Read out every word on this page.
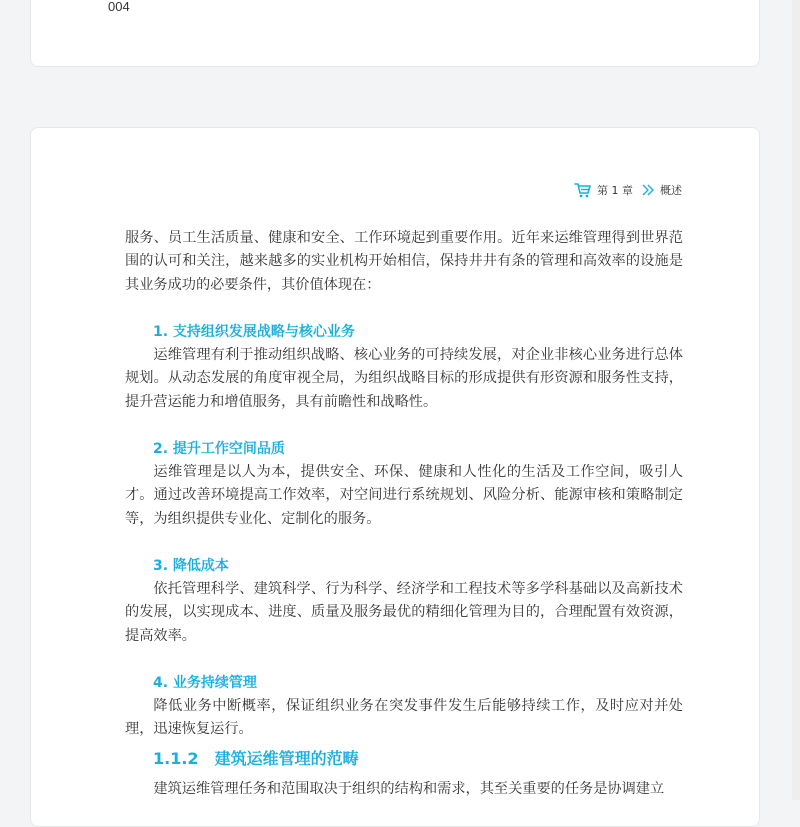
004
第 1 章 概述

服务、员工生活质量、健康和安全、工作环境起到重要作用。近年来运维管理得到世界范围的认可和关注，越来越多的实业机构开始相信，保持井井有条的管理和高效率的设施是其业务成功的必要条件，其价值体现在：

1. 支持组织发展战略与核心业务

运维管理有利于推动组织战略、核心业务的可持续发展，对企业非核心业务进行总体规划。从动态发展的角度审视全局，为组织战略目标的形成提供有形资源和服务性支持，提升营运能力和增值服务，具有前瞻性和战略性。

2. 提升工作空间品质

运维管理是以人为本，提供安全、环保、健康和人性化的生活及工作空间，吸引人才。通过改善环境提高工作效率，对空间进行系统规划、风险分析、能源审核和策略制定等，为组织提供专业化、定制化的服务。

3. 降低成本

依托管理科学、建筑科学、行为科学、经济学和工程技术等多学科基础以及高新技术的发展，以实现成本、进度、质量及服务最优的精细化管理为目的，合理配置有效资源，提高效率。

4. 业务持续管理

降低业务中断概率，保证组织业务在突发事件发生后能够持续工作，及时应对并处理，迅速恢复运行。

1.1.2 建筑运维管理的范畴

建筑运维管理任务和范围取决于组织的结构和需求，其至关重要的任务是协调建立
